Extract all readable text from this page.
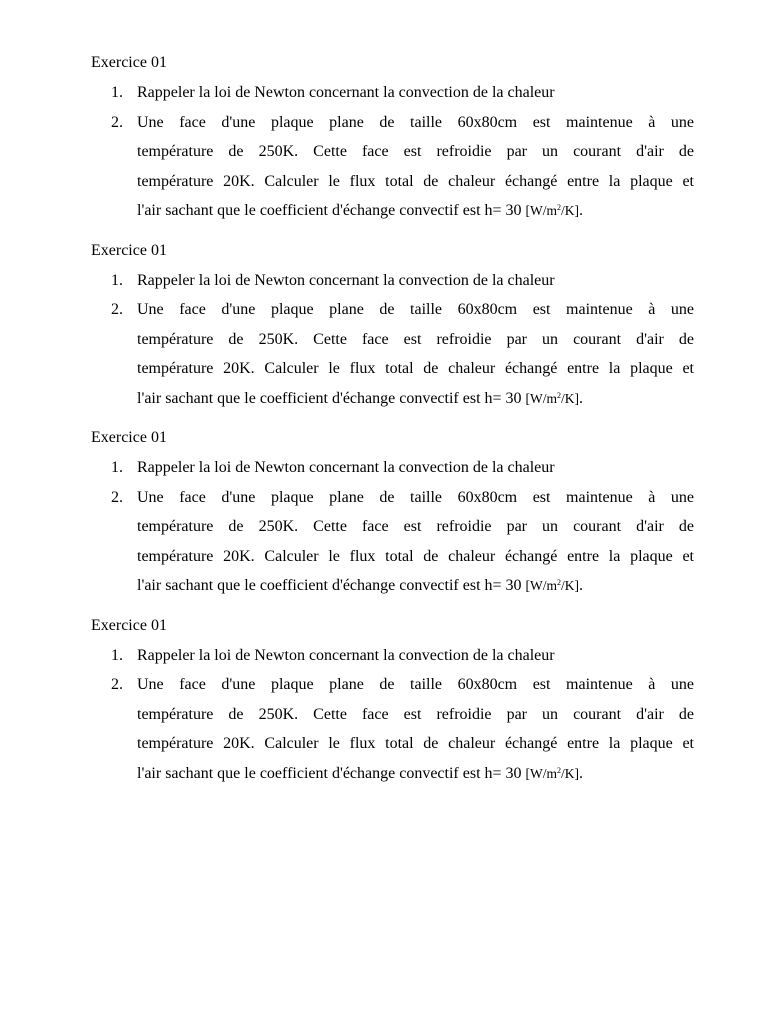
Exercice 01
1. Rappeler la loi de Newton concernant la convection de la chaleur
2. Une face d'une plaque plane de taille 60x80cm est maintenue à une
température de 250K. Cette face est refroidie par un courant d'air de
température 20K. Calculer le flux total de chaleur échangé entre la plaque et
l'air sachant que le coefficient d'échange convectif est h= 30 $[W/m^2/K]$.
Exercice 01
1. Rappeler la loi de Newton concernant la convection de la chaleur
2. Une face d'une plaque plane de taille 60x80cm est maintenue à une
température de 250K. Cette face est refroidie par un courant d'air de
température 20K. Calculer le flux total de chaleur échangé entre la plaque et
l'air sachant que le coefficient d'échange convectif est h= 30 $[W/m^2/K]$.
Exercice 01
1. Rappeler la loi de Newton concernant la convection de la chaleur
2. Une face d'une plaque plane de taille 60x80cm est maintenue à une
température de 250K. Cette face est refroidie par un courant d'air de
température 20K. Calculer le flux total de chaleur échangé entre la plaque et
l'air sachant que le coefficient d'échange convectif est h= 30 $[W/m^2/K]$.
Exercice 01
1. Rappeler la loi de Newton concernant la convection de la chaleur
2. Une face d'une plaque plane de taille 60x80cm est maintenue à une
température de 250K. Cette face est refroidie par un courant d'air de
température 20K. Calculer le flux total de chaleur échangé entre la plaque et
l'air sachant que le coefficient d'échange convectif est h= 30 $[W/m^2/K]$.
